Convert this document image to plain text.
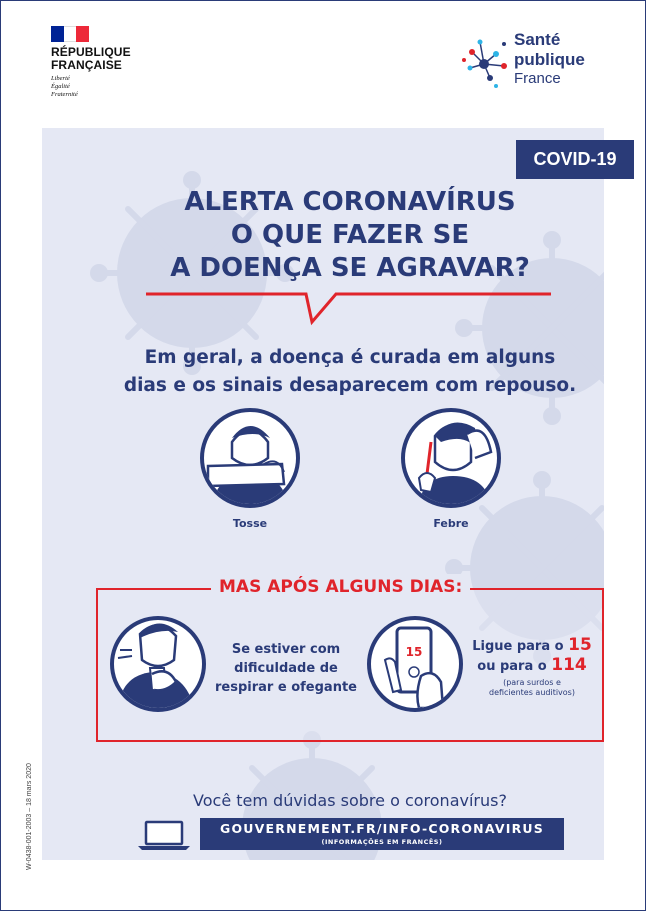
RÉPUBLIQUE
FRANÇAISE
Liberté
Égalité
Fraternité
Santé
publique
France
COVID-19
ALERTA CORONAVÍRUS
O QUE FAZER SE
A DOENÇA SE AGRAVAR?
Em geral, a doença é curada em alguns
dias e os sinais desaparecem com repouso.
Tosse	Febre
MAS APÓS ALGUNS DIAS:
Se estiver com
dificuldade de
respirar e ofegante
15	Ligue para o 15
ou para o 114
(para surdos e
deficientes auditivos)
Você tem dúvidas sobre o coronavírus?
GOUVERNEMENT.FR/INFO-CORONAVIRUS
(INFORMAÇÕES EM FRANCÊS)
W-0438-001-2003 – 18 mars 2020
